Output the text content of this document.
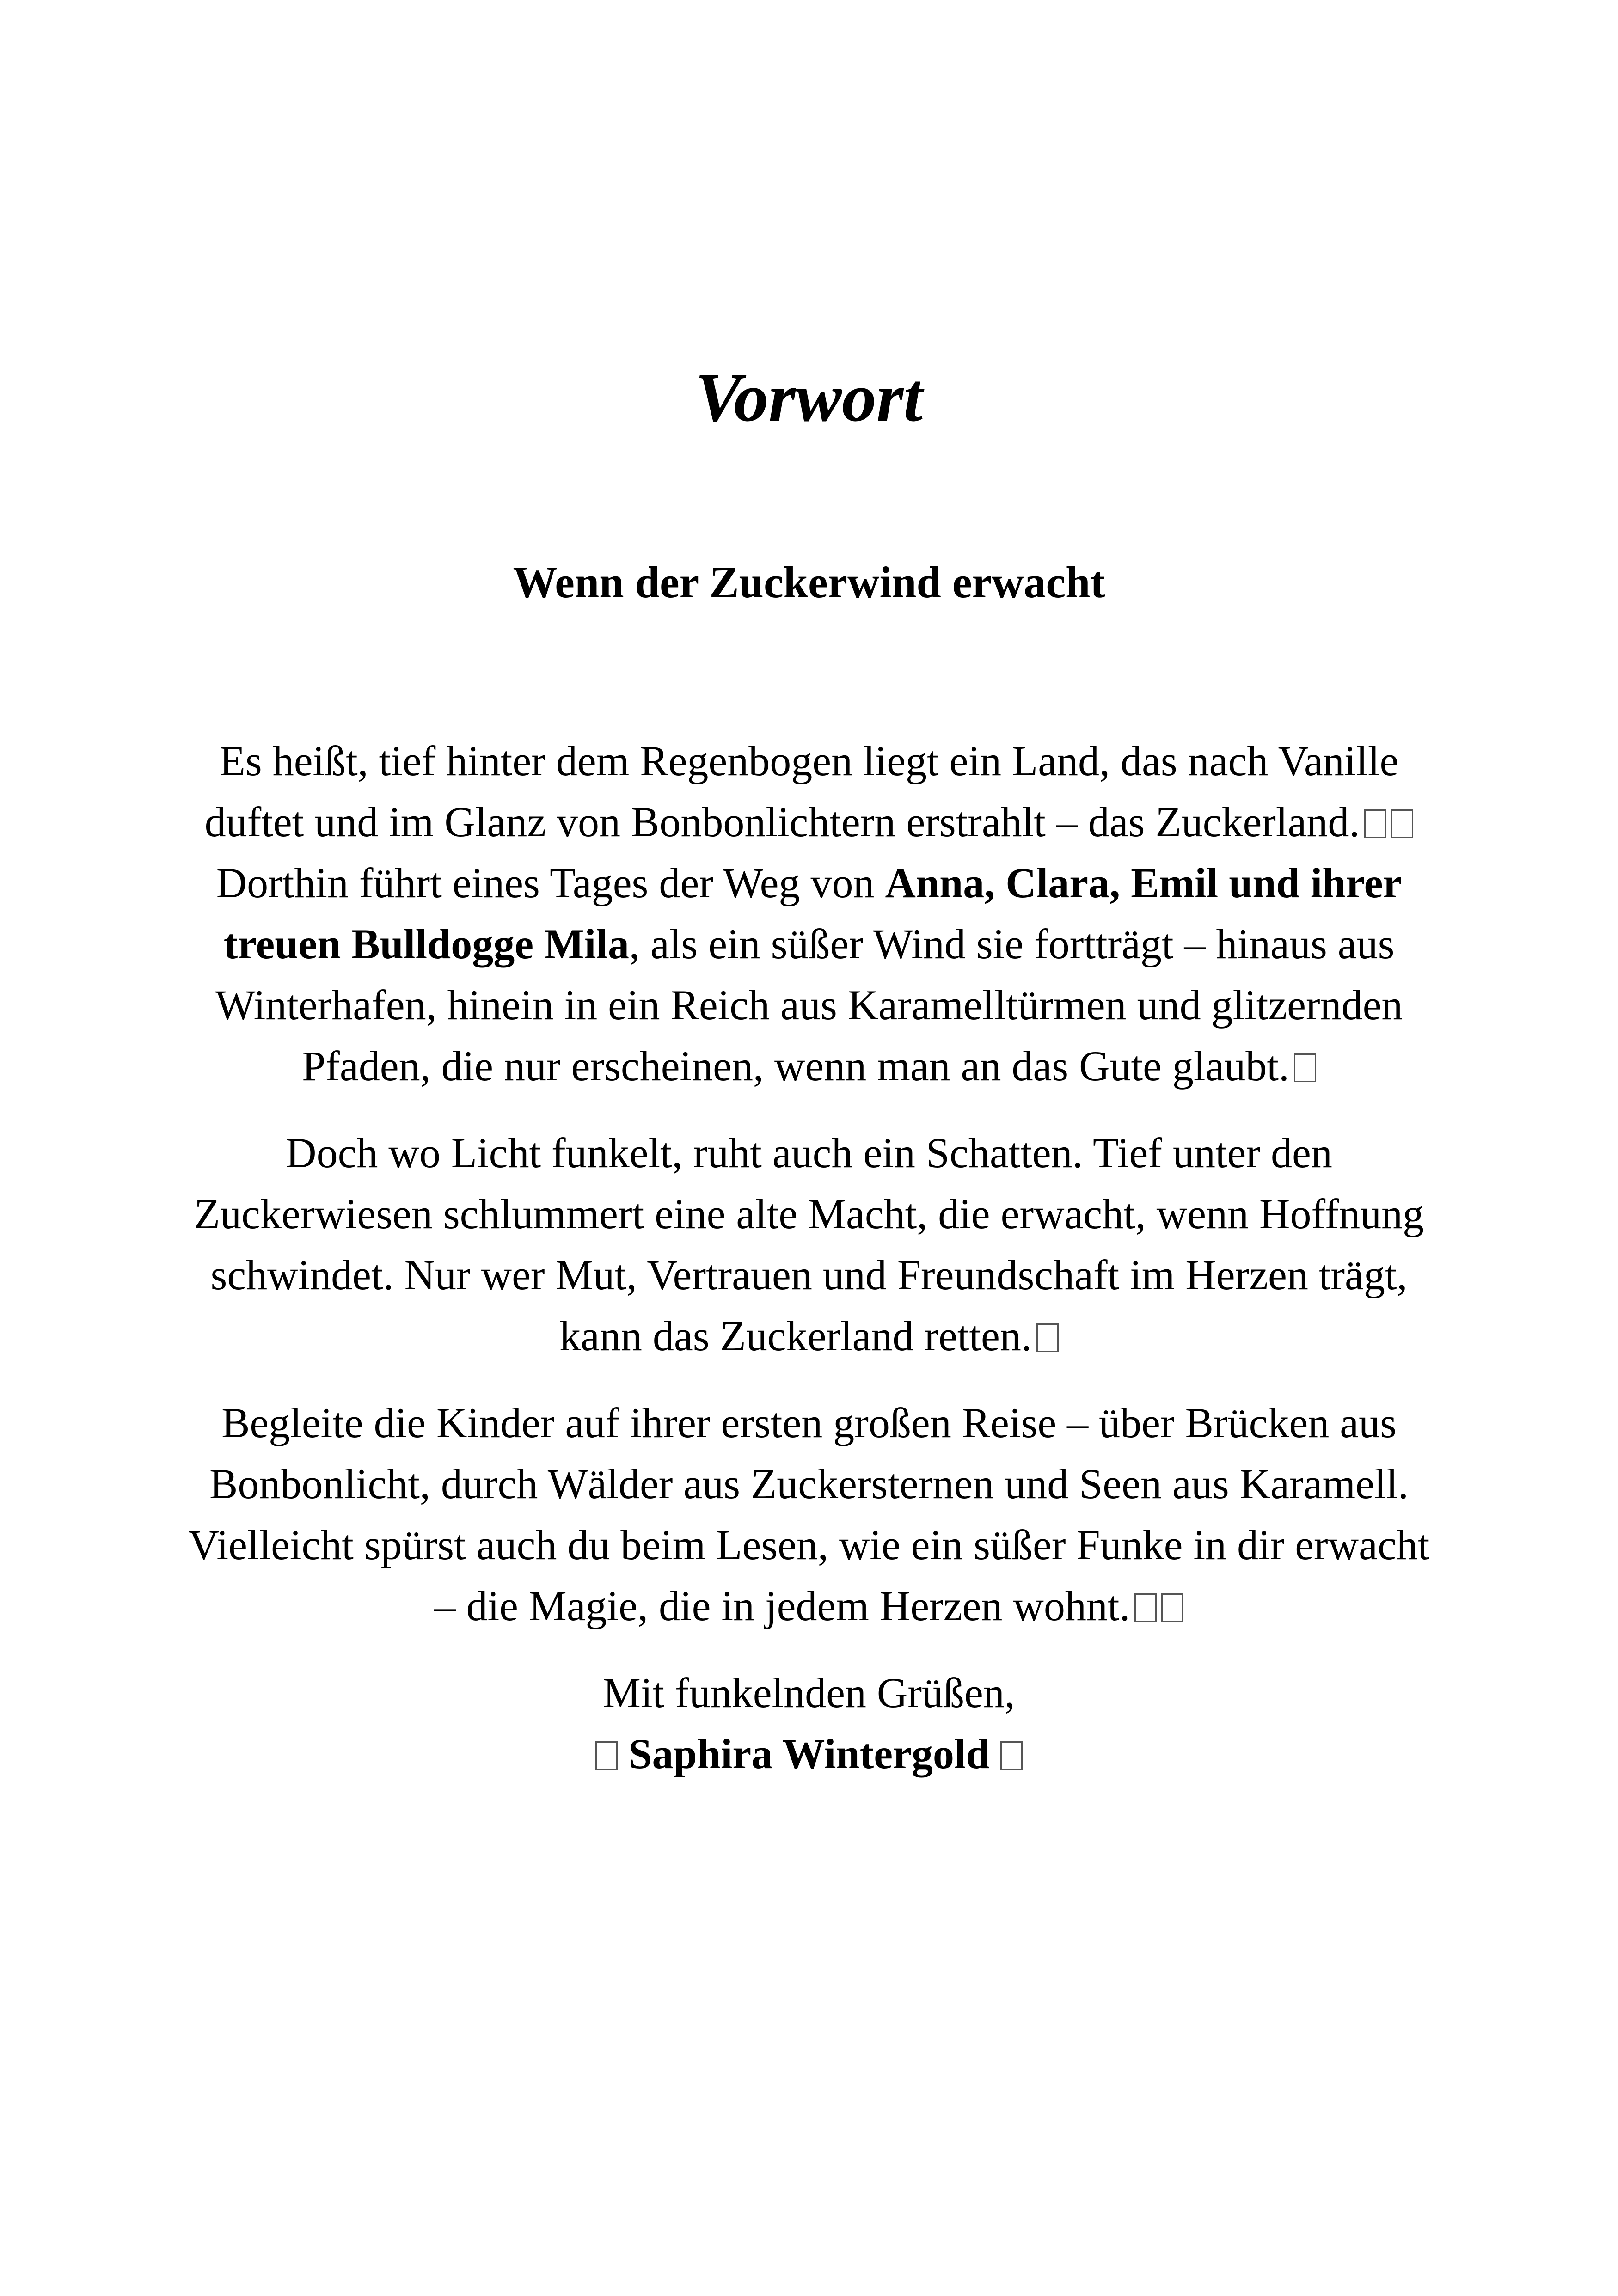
Vorwort
Wenn der Zuckerwind erwacht

Es heißt, tief hinter dem Regenbogen liegt ein Land, das nach Vanille duftet und im Glanz von Bonbonlichtern erstrahlt – das Zuckerland.
Dorthin führt eines Tages der Weg von Anna, Clara, Emil und ihrer treuen Bulldogge Mila, als ein süßer Wind sie fortträgt – hinaus aus Winterhafen, hinein in ein Reich aus Karamelltürmen und glitzernden Pfaden, die nur erscheinen, wenn man an das Gute glaubt.

Doch wo Licht funkelt, ruht auch ein Schatten. Tief unter den Zuckerwiesen schlummert eine alte Macht, die erwacht, wenn Hoffnung schwindet. Nur wer Mut, Vertrauen und Freundschaft im Herzen trägt, kann das Zuckerland retten.

Begleite die Kinder auf ihrer ersten großen Reise – über Brücken aus Bonbonlicht, durch Wälder aus Zuckersternen und Seen aus Karamell.
Vielleicht spürst auch du beim Lesen, wie ein süßer Funke in dir erwacht – die Magie, die in jedem Herzen wohnt.

Mit funkelnden Grüßen,
Saphira Wintergold
